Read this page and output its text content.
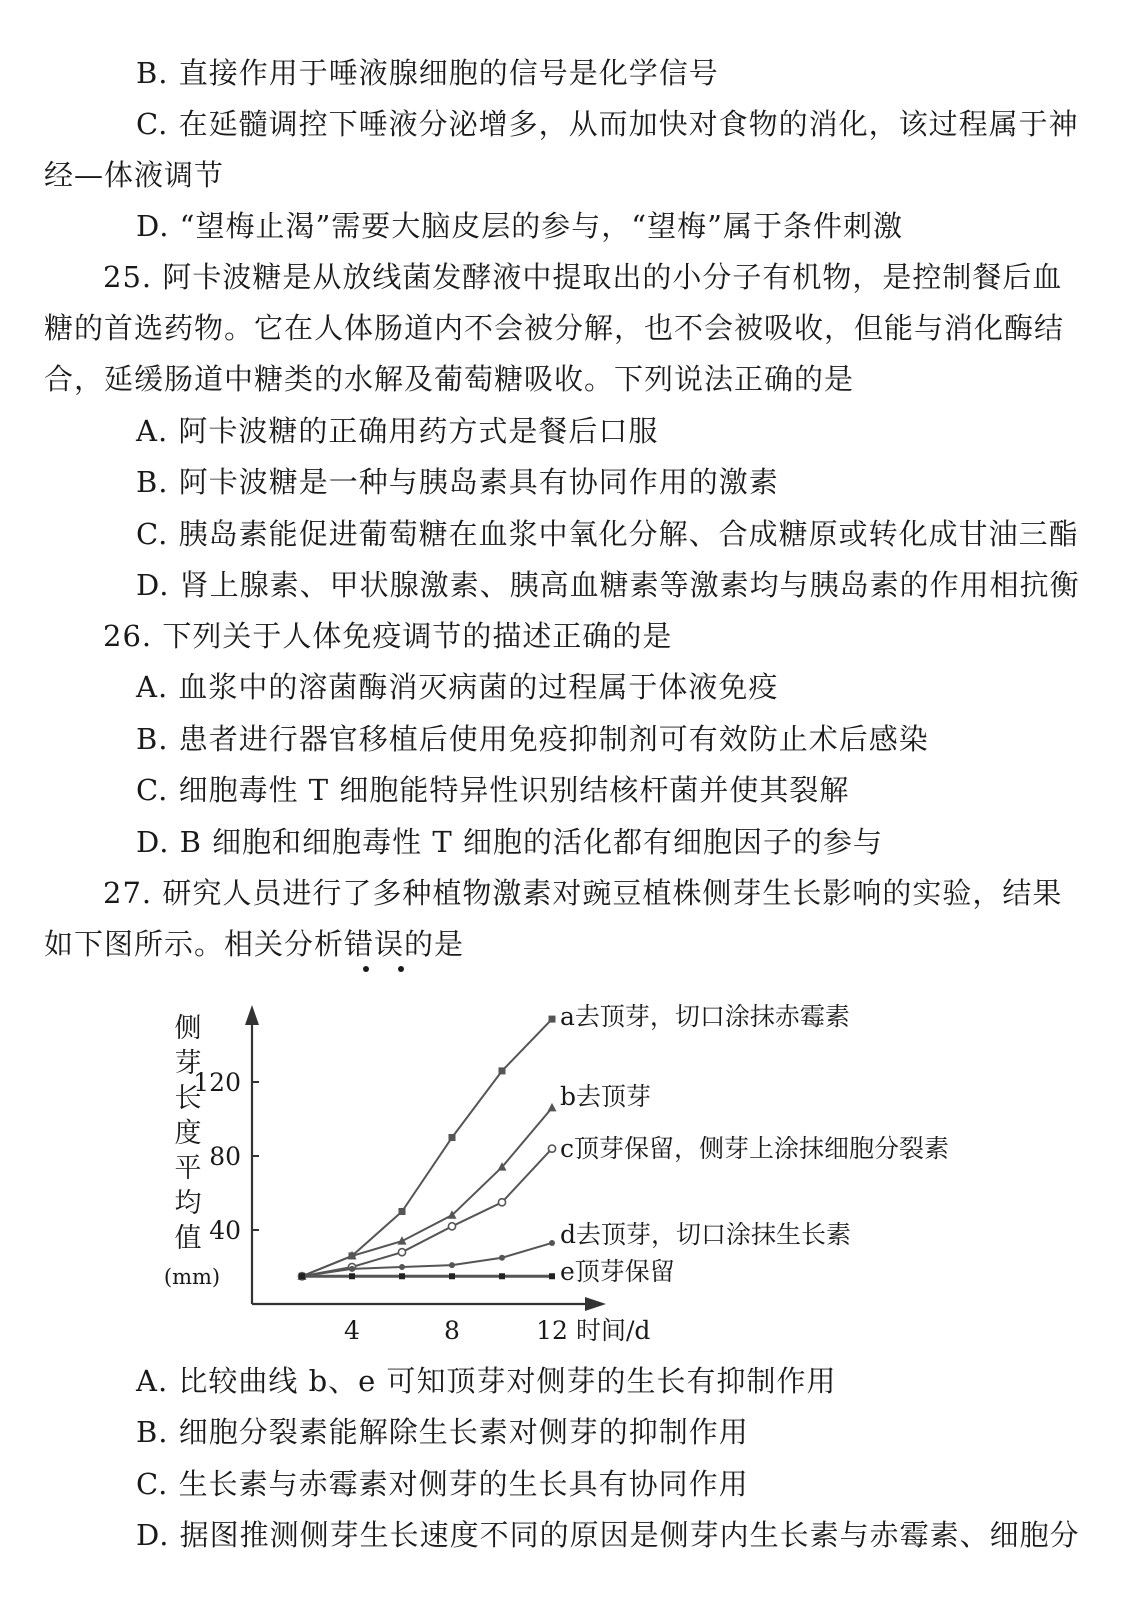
B. 直接作用于唾液腺细胞的信号是化学信号
C. 在延髓调控下唾液分泌增多，从而加快对食物的消化，该过程属于神
经—体液调节
D. “望梅止渴”需要大脑皮层的参与，“望梅”属于条件刺激
25. 阿卡波糖是从放线菌发酵液中提取出的小分子有机物，是控制餐后血
糖的首选药物。它在人体肠道内不会被分解，也不会被吸收，但能与消化酶结
合，延缓肠道中糖类的水解及葡萄糖吸收。下列说法正确的是
A. 阿卡波糖的正确用药方式是餐后口服
B. 阿卡波糖是一种与胰岛素具有协同作用的激素
C. 胰岛素能促进葡萄糖在血浆中氧化分解、合成糖原或转化成甘油三酯
D. 肾上腺素、甲状腺激素、胰高血糖素等激素均与胰岛素的作用相抗衡
26. 下列关于人体免疫调节的描述正确的是
A. 血浆中的溶菌酶消灭病菌的过程属于体液免疫
B. 患者进行器官移植后使用免疫抑制剂可有效防止术后感染
C. 细胞毒性 T 细胞能特异性识别结核杆菌并使其裂解
D. B 细胞和细胞毒性 T 细胞的活化都有细胞因子的参与
27. 研究人员进行了多种植物激素对豌豆植株侧芽生长影响的实验，结果
如下图所示。相关分析错误的是
40
80
120
4	8	12 时间/d
侧
芽
长
度
平
均
值
(mm)
a去顶芽，切口涂抹赤霉素
b去顶芽
c顶芽保留，侧芽上涂抹细胞分裂素
d去顶芽，切口涂抹生长素
e顶芽保留
A. 比较曲线 b、e 可知顶芽对侧芽的生长有抑制作用
B. 细胞分裂素能解除生长素对侧芽的抑制作用
C. 生长素与赤霉素对侧芽的生长具有协同作用
D. 据图推测侧芽生长速度不同的原因是侧芽内生长素与赤霉素、细胞分
